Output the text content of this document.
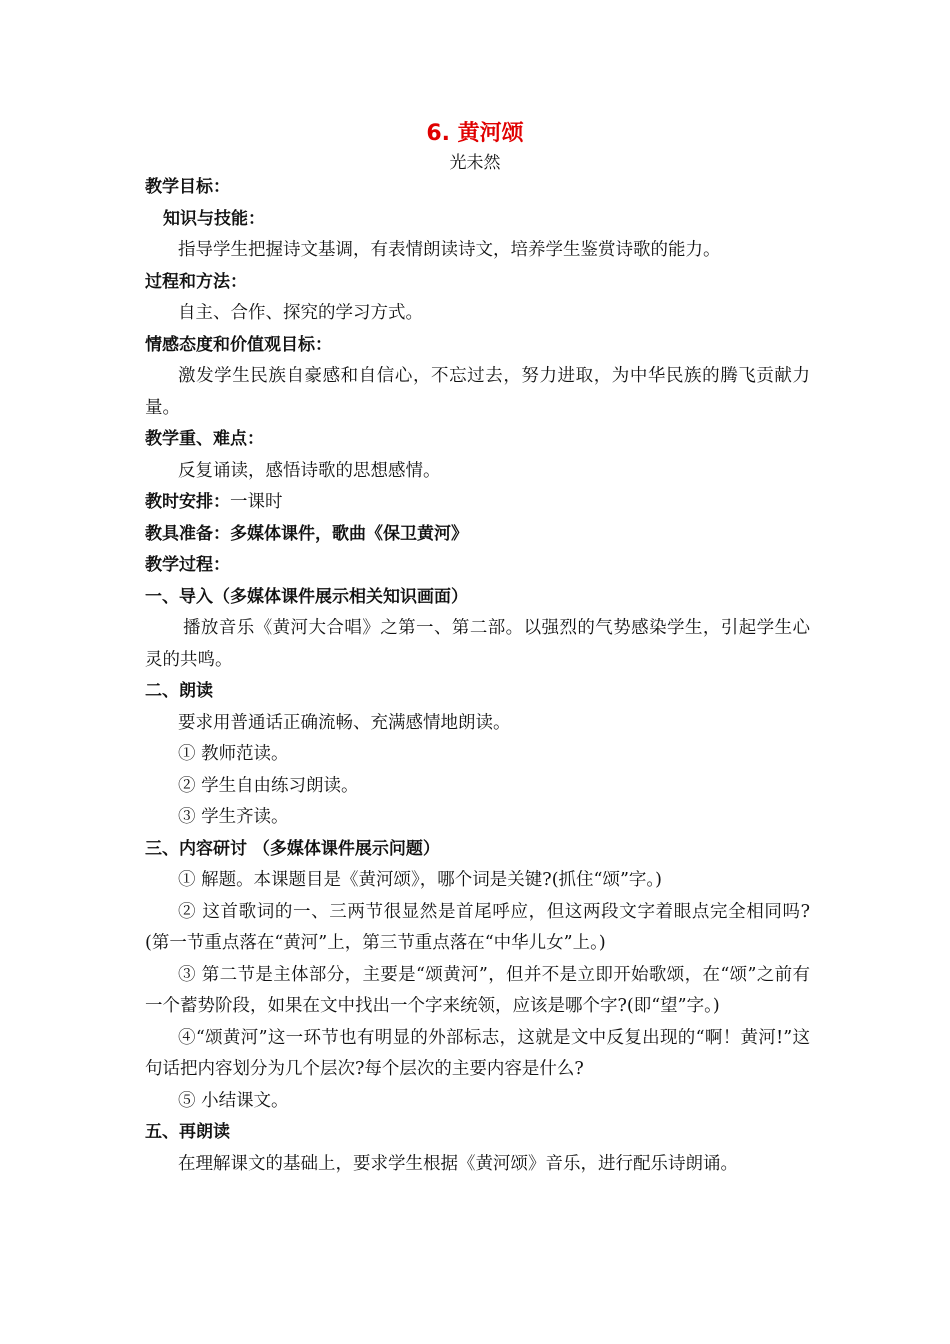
6. 黄河颂
光未然
教学目标：
知识与技能：
指导学生把握诗文基调，有表情朗读诗文，培养学生鉴赏诗歌的能力。
过程和方法：
自主、合作、探究的学习方式。
情感态度和价值观目标：
激发学生民族自豪感和自信心，不忘过去，努力进取，为中华民族的腾飞贡献力量。
教学重、难点：
反复诵读，感悟诗歌的思想感情。
教时安排：一课时
教具准备：多媒体课件，歌曲《保卫黄河》
教学过程：
一、导入（多媒体课件展示相关知识画面）
播放音乐《黄河大合唱》之第一、第二部。以强烈的气势感染学生，引起学生心灵的共鸣。
二、朗读
要求用普通话正确流畅、充满感情地朗读。
① 教师范读。
② 学生自由练习朗读。
③ 学生齐读。
三、内容研讨 （多媒体课件展示问题）
① 解题。本课题目是《黄河颂》，哪个词是关键?(抓住“颂”字。)
② 这首歌词的一、三两节很显然是首尾呼应，但这两段文字着眼点完全相同吗?(第一节重点落在“黄河”上，第三节重点落在“中华儿女”上。)
③ 第二节是主体部分，主要是“颂黄河”，但并不是立即开始歌颂，在“颂”之前有一个蓄势阶段，如果在文中找出一个字来统领，应该是哪个字?(即“望”字。)
④“颂黄河”这一环节也有明显的外部标志，这就是文中反复出现的“啊！黄河!”这句话把内容划分为几个层次?每个层次的主要内容是什么?
⑤ 小结课文。
五、再朗读
在理解课文的基础上，要求学生根据《黄河颂》音乐，进行配乐诗朗诵。
